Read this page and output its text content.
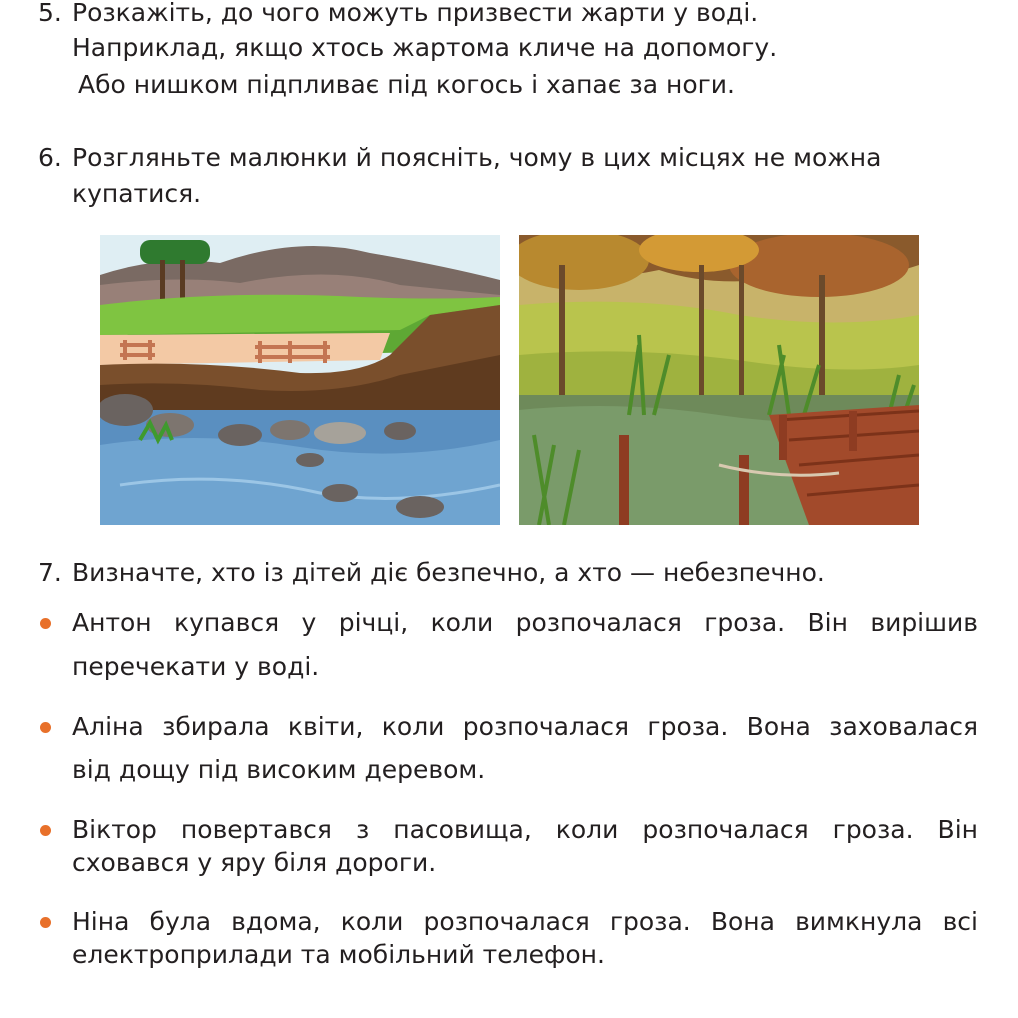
5. Розкажіть, до чого можуть призвести жарти у воді.
Наприклад, якщо хтось жартома кличе на допомогу.
Або нишком підпливає під когось і хапає за ноги.
6. Розгляньте малюнки й поясніть, чому в цих місцях не можна
купатися.
7. Визначте, хто із дітей діє безпечно, а хто — небезпечно.
Антон купався у річці, коли розпочалася гроза. Він вирішив
перечекати у воді.
Аліна збирала квіти, коли розпочалася гроза. Вона заховалася
від дощу під високим деревом.
Віктор повертався з пасовища, коли розпочалася гроза. Він
сховався у яру біля дороги.
Ніна була вдома, коли розпочалася гроза. Вона вимкнула всі
електроприлади та мобільний телефон.
